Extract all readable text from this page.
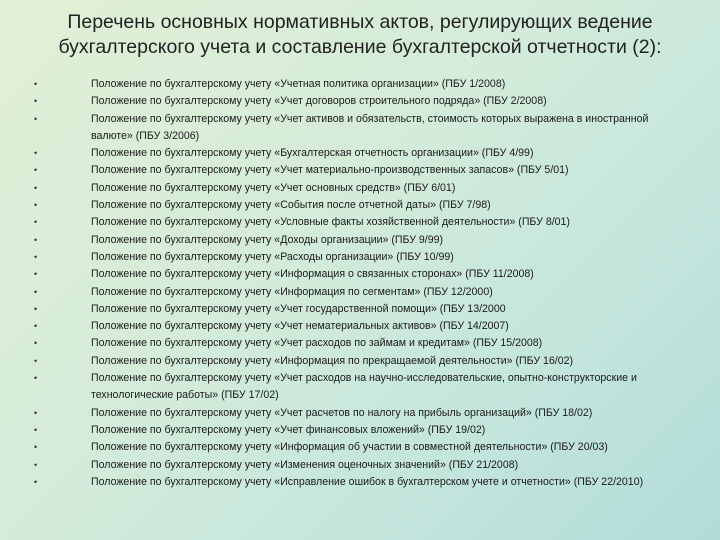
Перечень основных нормативных актов, регулирующих ведение
бухгалтерского учета и составление бухгалтерской отчетности (2):
•	Положение по бухгалтерскому учету «Учетная политика организации» (ПБУ 1/2008)
•	Положение по бухгалтерскому учету «Учет договоров строительного подряда» (ПБУ 2/2008)
•	Положение по бухгалтерскому учету «Учет активов и обязательств, стоимость которых выражена в иностранной валюте» (ПБУ 3/2006)
•	Положение по бухгалтерскому учету «Бухгалтерская отчетность организации» (ПБУ 4/99)
•	Положение по бухгалтерскому учету «Учет материально-производственных запасов» (ПБУ 5/01)
•	Положение по бухгалтерскому учету «Учет основных средств» (ПБУ 6/01)
•	Положение по бухгалтерскому учету «События после отчетной даты» (ПБУ 7/98)
•	Положение по бухгалтерскому учету «Условные факты хозяйственной деятельности» (ПБУ 8/01)
•	Положение по бухгалтерскому учету «Доходы организации» (ПБУ 9/99)
•	Положение по бухгалтерскому учету «Расходы организации» (ПБУ 10/99)
•	Положение по бухгалтерскому учету «Информация о связанных сторонах» (ПБУ 11/2008)
•	Положение по бухгалтерскому учету «Информация по сегментам» (ПБУ 12/2000)
•	Положение по бухгалтерскому учету «Учет государственной помощи» (ПБУ 13/2000
•	Положение по бухгалтерскому учету «Учет нематериальных активов» (ПБУ 14/2007)
•	Положение по бухгалтерскому учету «Учет расходов по займам и кредитам» (ПБУ 15/2008)
•	Положение по бухгалтерскому учету «Информация по прекращаемой деятельности» (ПБУ 16/02)
•	Положение по бухгалтерскому учету «Учет расходов на научно-исследовательские, опытно-конструкторские и технологические работы» (ПБУ 17/02)
•	Положение по бухгалтерскому учету «Учет расчетов по налогу на прибыль организаций» (ПБУ 18/02)
•	Положение по бухгалтерскому учету «Учет финансовых вложений» (ПБУ 19/02)
•	Положение по бухгалтерскому учету «Информация об участии в совместной деятельности» (ПБУ 20/03)
•	Положение по бухгалтерскому учету «Изменения оценочных значений» (ПБУ 21/2008)
•	Положение по бухгалтерскому учету «Исправление ошибок в бухгалтерском учете и отчетности» (ПБУ 22/2010)
